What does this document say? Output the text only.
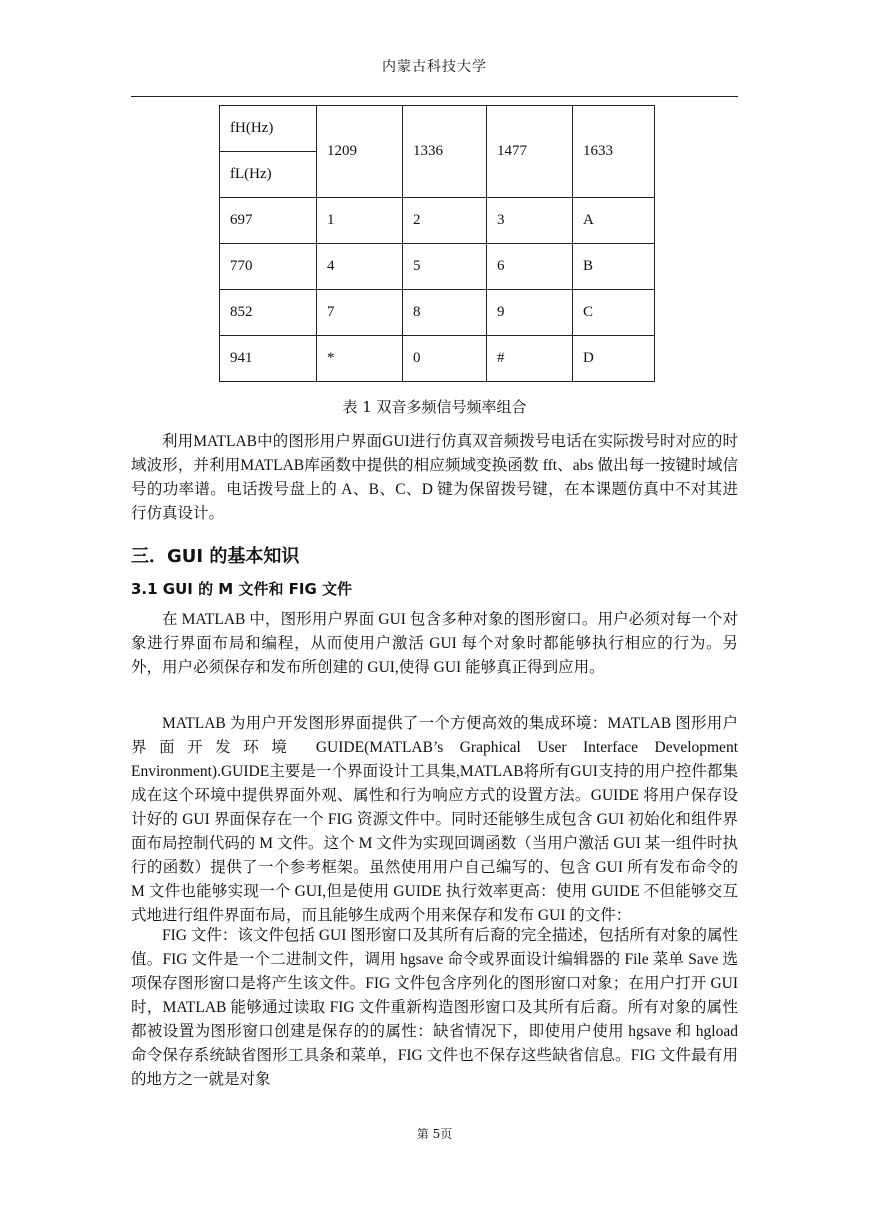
内蒙古科技大学
fH(Hz)	1209	1336	1477	1633
fL(Hz)				
697	1	2	3	A
770	4	5	6	B
852	7	8	9	C
941	*	0	#	D
表 1 双音多频信号频率组合

利用MATLAB中的图形用户界面GUI进行仿真双音频拨号电话在实际拨号时对应的时域波形，并利用MATLAB库函数中提供的相应频域变换函数 fft、abs 做出每一按键时域信号的功率谱。电话拨号盘上的 A、B、C、D 键为保留拨号键，在本课题仿真中不对其进行仿真设计。

三．GUI 的基本知识
3.1 GUI 的 M 文件和 FIG 文件

在 MATLAB 中，图形用户界面 GUI 包含多种对象的图形窗口。用户必须对每一个对象进行界面布局和编程，从而使用户激活 GUI 每个对象时都能够执行相应的行为。另外，用户必须保存和发布所创建的 GUI,使得 GUI 能够真正得到应用。

MATLAB 为用户开发图形界面提供了一个方便高效的集成环境：MATLAB 图形用户界面开发环境 GUIDE(MATLAB’s Graphical User Interface Development Environment).GUIDE主要是一个界面设计工具集,MATLAB将所有GUI支持的用户控件都集成在这个环境中提供界面外观、属性和行为响应方式的设置方法。GUIDE 将用户保存设计好的 GUI 界面保存在一个 FIG 资源文件中。同时还能够生成包含 GUI 初始化和组件界面布局控制代码的 M 文件。这个 M 文件为实现回调函数（当用户激活 GUI 某一组件时执行的函数）提供了一个参考框架。虽然使用用户自己编写的、包含 GUI 所有发布命令的 M 文件也能够实现一个 GUI,但是使用 GUIDE 执行效率更高：使用 GUIDE 不但能够交互式地进行组件界面布局，而且能够生成两个用来保存和发布 GUI 的文件：

FIG 文件：该文件包括 GUI 图形窗口及其所有后裔的完全描述，包括所有对象的属性值。FIG 文件是一个二进制文件，调用 hgsave 命令或界面设计编辑器的 File 菜单 Save 选项保存图形窗口是将产生该文件。FIG 文件包含序列化的图形窗口对象；在用户打开 GUI 时，MATLAB 能够通过读取 FIG 文件重新构造图形窗口及其所有后裔。所有对象的属性都被设置为图形窗口创建是保存的的属性：缺省情况下，即使用户使用 hgsave 和 hgload 命令保存系统缺省图形工具条和菜单，FIG 文件也不保存这些缺省信息。FIG 文件最有用的地方之一就是对象

第 5页
